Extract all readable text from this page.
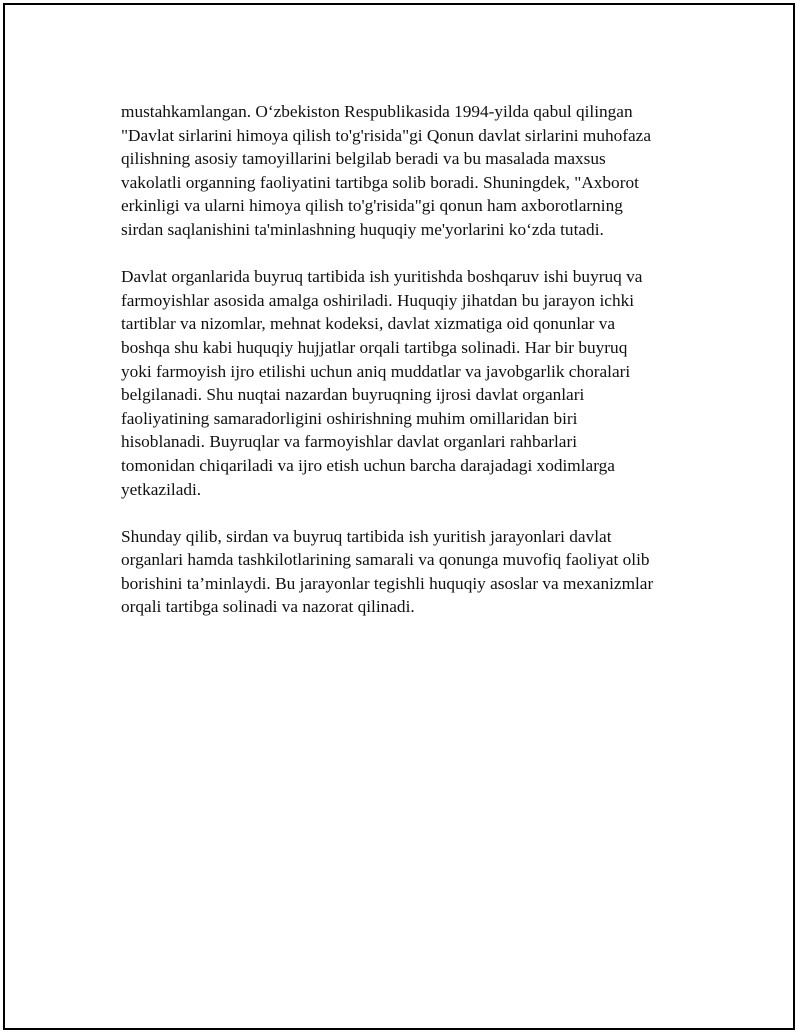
mustahkamlangan. O‘zbekiston Respublikasida 1994-yilda qabul qilingan
"Davlat sirlarini himoya qilish to'g'risida"gi Qonun davlat sirlarini muhofaza
qilishning asosiy tamoyillarini belgilab beradi va bu masalada maxsus
vakolatli organning faoliyatini tartibga solib boradi. Shuningdek, "Axborot
erkinligi va ularni himoya qilish to'g'risida"gi qonun ham axborotlarning
sirdan saqlanishini ta'minlashning huquqiy me'yorlarini ko‘zda tutadi.

Davlat organlarida buyruq tartibida ish yuritishda boshqaruv ishi buyruq va
farmoyishlar asosida amalga oshiriladi. Huquqiy jihatdan bu jarayon ichki
tartiblar va nizomlar, mehnat kodeksi, davlat xizmatiga oid qonunlar va
boshqa shu kabi huquqiy hujjatlar orqali tartibga solinadi. Har bir buyruq
yoki farmoyish ijro etilishi uchun aniq muddatlar va javobgarlik choralari
belgilanadi. Shu nuqtai nazardan buyruqning ijrosi davlat organlari
faoliyatining samaradorligini oshirishning muhim omillaridan biri
hisoblanadi. Buyruqlar va farmoyishlar davlat organlari rahbarlari
tomonidan chiqariladi va ijro etish uchun barcha darajadagi xodimlarga
yetkaziladi.

Shunday qilib, sirdan va buyruq tartibida ish yuritish jarayonlari davlat
organlari hamda tashkilotlarining samarali va qonunga muvofiq faoliyat olib
borishini ta’minlaydi. Bu jarayonlar tegishli huquqiy asoslar va mexanizmlar
orqali tartibga solinadi va nazorat qilinadi.
